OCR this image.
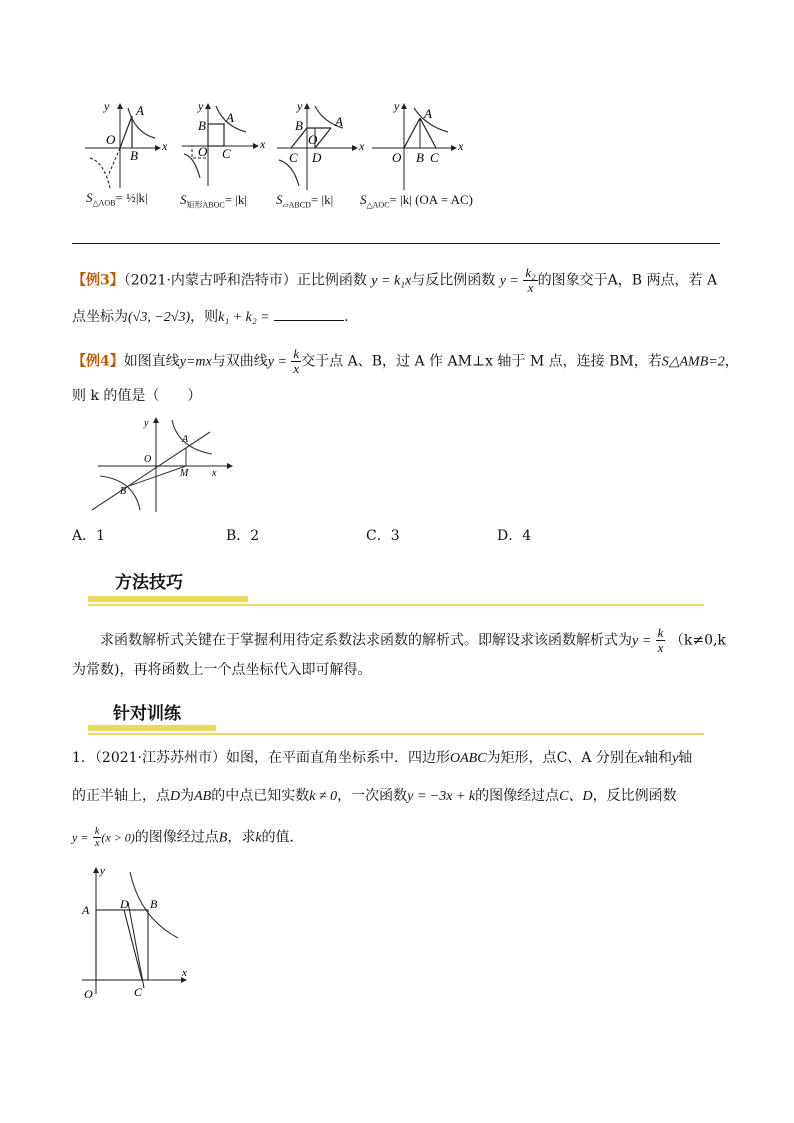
y A
O
B
x
y
A
B
O C
x
y
B A
O
C D
x
y A
O B C
x
$S_{\triangle AOB}=$ ½|k| $S_{矩形ABOC}= |k|$ $S_{▱ABCD}= |k|$ $S_{\triangle AOC}= |k|$ (OA = AC)
【例3】（2021·内蒙古呼和浩特市）正比例函数 y = k₁x与反比例函数 $y = \frac{\text{k₂}}{x}$ 的图象交于A，B 两点，若 A
点坐标为(√3, −2√3)，则k₁ + k₂ =	.
【例4】如图直线y=mx与双曲线$y = \frac{k}{x}$ 交于点 A、B，过 A 作 AM⊥x 轴于 M 点，连接 BM，若S△AMB=2，
则 k 的值是（　　）
y
A
O
M x
B
A．1	B．2	C．3	D．4
方法技巧
求函数解析式关键在于掌握利用待定系数法求函数的解析式。即解设求该函数解析式为$y = \frac{k}{x} (k\ne 0,k$
为常数)，再将函数上一个点坐标代入即可解得。
针对训练
1．（2021·江苏苏州市）如图，在平面直角坐标系中．四边形OABC为矩形，点C、A 分别在x轴和y轴
的正半轴上，点D为AB的中点已知实数k ≠ 0，一次函数y = −3x + k的图像经过点C、D，反比例函数
$y = \frac{k}{x} (x > 0)$的图像经过点B，求k的值．
y
A	D B
x
O	C
